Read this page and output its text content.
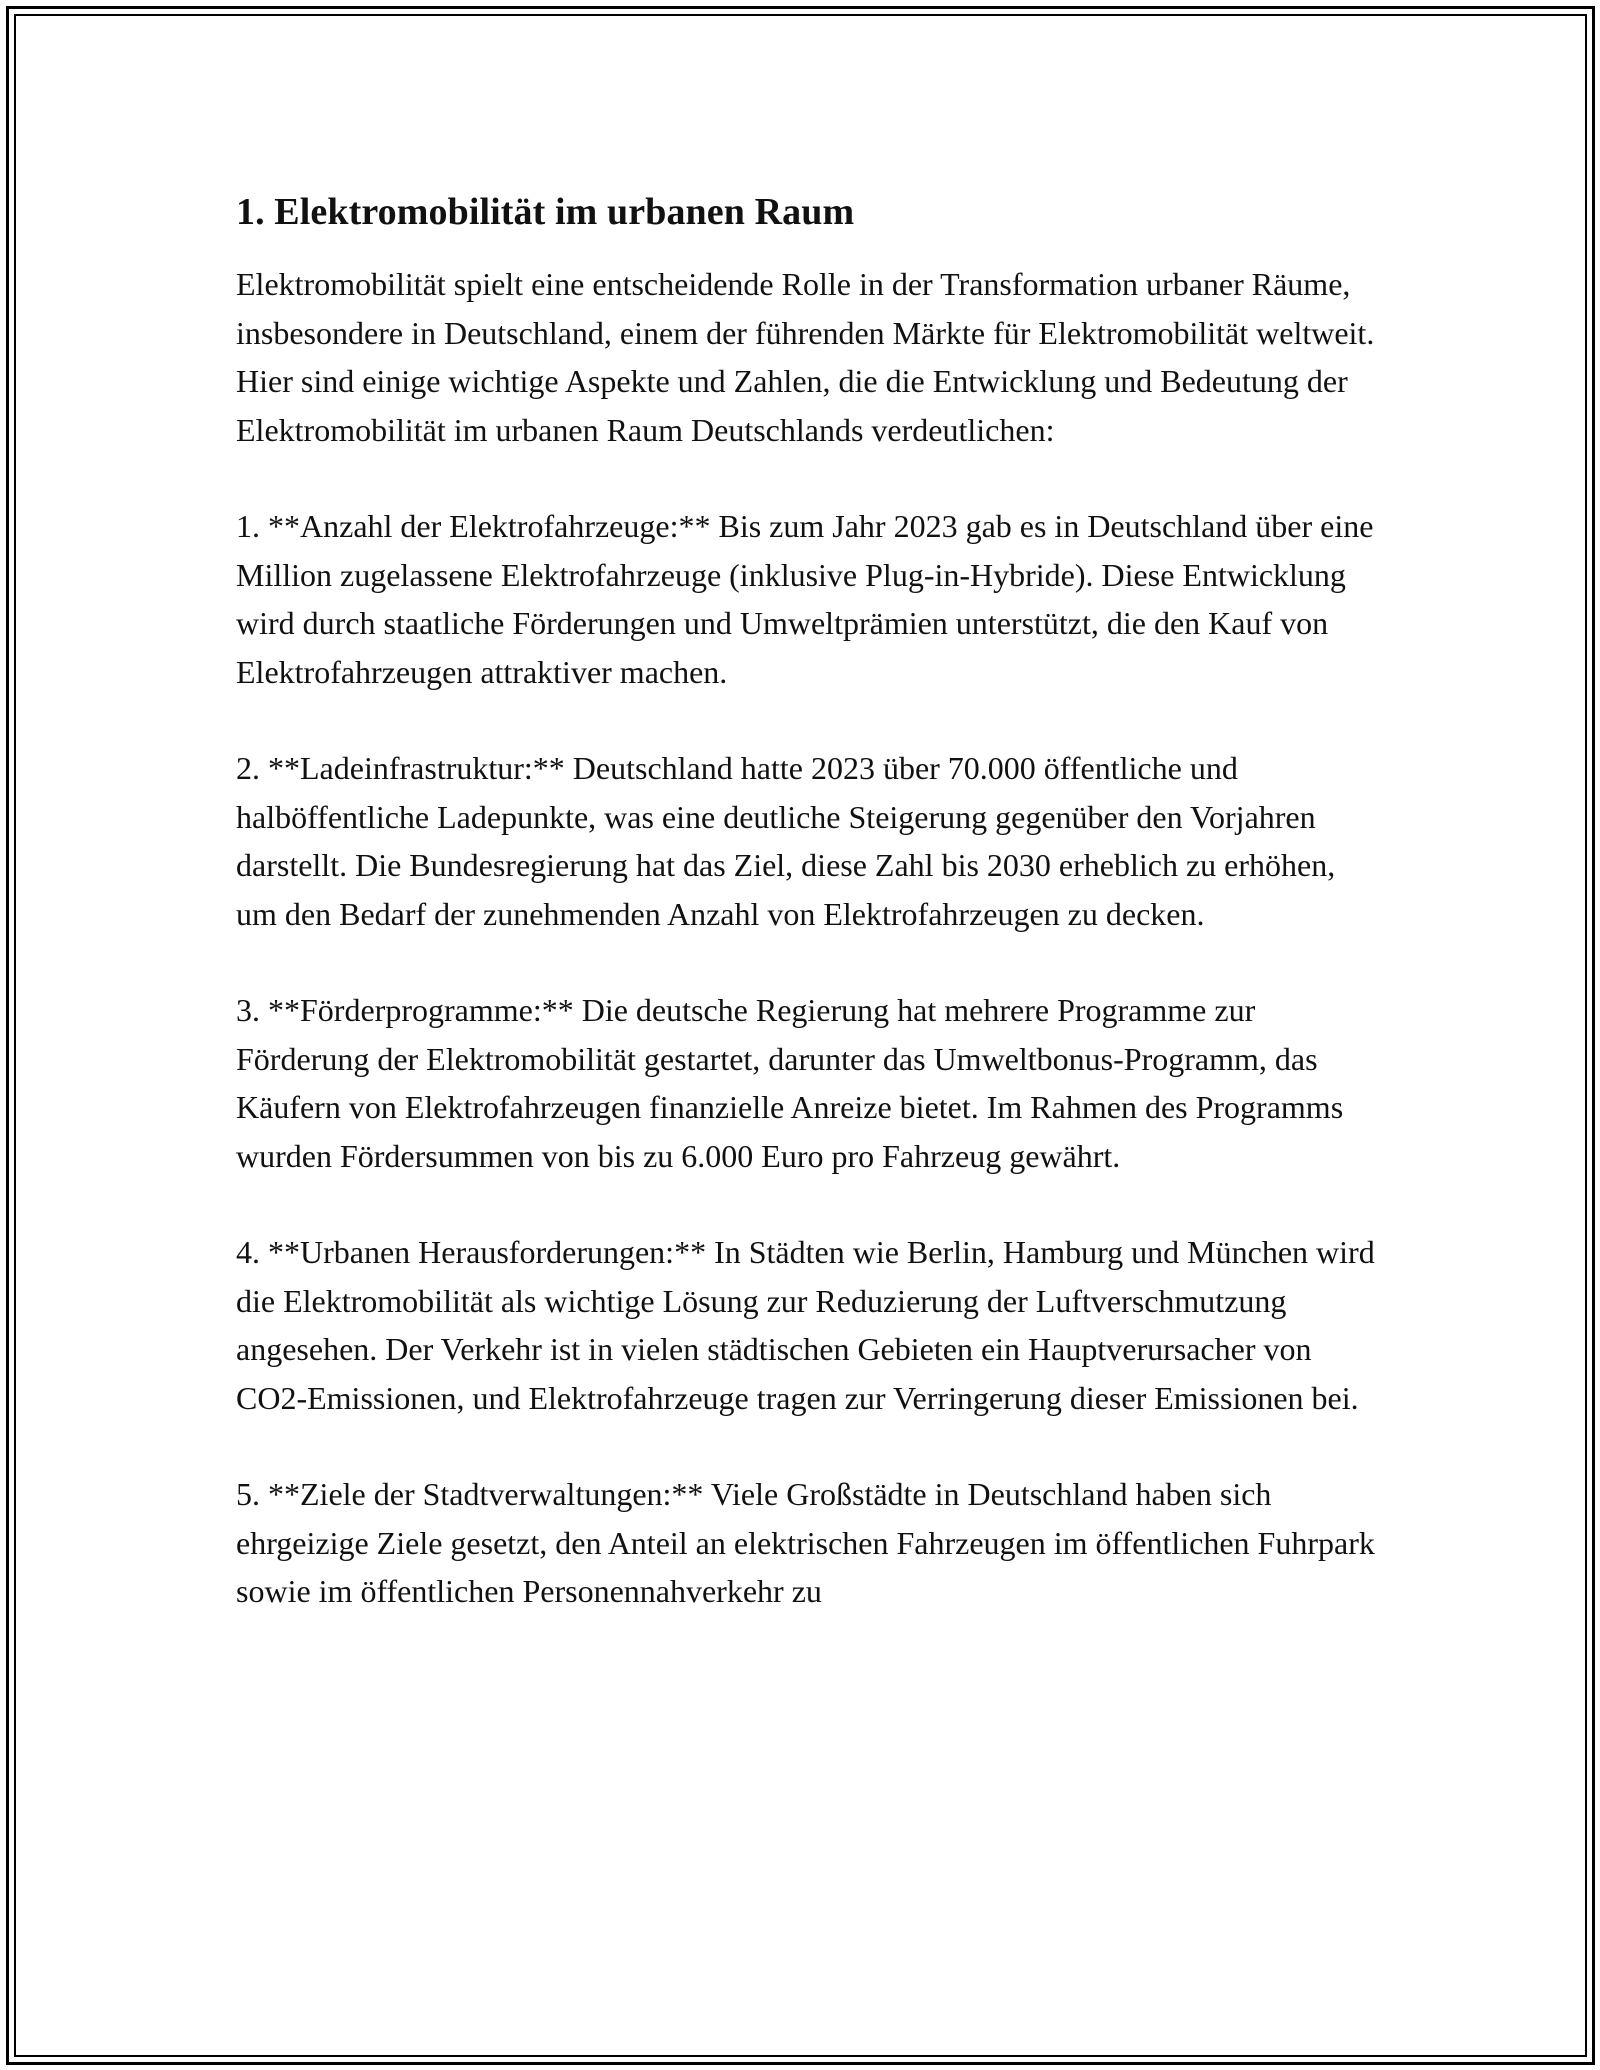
1. Elektromobilität im urbanen Raum

Elektromobilität spielt eine entscheidende Rolle in der Transformation urbaner Räume, insbesondere in Deutschland, einem der führenden Märkte für Elektromobilität weltweit. Hier sind einige wichtige Aspekte und Zahlen, die die Entwicklung und Bedeutung der Elektromobilität im urbanen Raum Deutschlands verdeutlichen:

1. **Anzahl der Elektrofahrzeuge:** Bis zum Jahr 2023 gab es in Deutschland über eine Million zugelassene Elektrofahrzeuge (inklusive Plug-in-Hybride). Diese Entwicklung wird durch staatliche Förderungen und Umweltprämien unterstützt, die den Kauf von Elektrofahrzeugen attraktiver machen.

2. **Ladeinfrastruktur:** Deutschland hatte 2023 über 70.000 öffentliche und halböffentliche Ladepunkte, was eine deutliche Steigerung gegenüber den Vorjahren darstellt. Die Bundesregierung hat das Ziel, diese Zahl bis 2030 erheblich zu erhöhen, um den Bedarf der zunehmenden Anzahl von Elektrofahrzeugen zu decken.

3. **Förderprogramme:** Die deutsche Regierung hat mehrere Programme zur Förderung der Elektromobilität gestartet, darunter das Umweltbonus-Programm, das Käufern von Elektrofahrzeugen finanzielle Anreize bietet. Im Rahmen des Programms wurden Fördersummen von bis zu 6.000 Euro pro Fahrzeug gewährt.

4. **Urbanen Herausforderungen:** In Städten wie Berlin, Hamburg und München wird die Elektromobilität als wichtige Lösung zur Reduzierung der Luftverschmutzung angesehen. Der Verkehr ist in vielen städtischen Gebieten ein Hauptverursacher von CO2-Emissionen, und Elektrofahrzeuge tragen zur Verringerung dieser Emissionen bei.

5. **Ziele der Stadtverwaltungen:** Viele Großstädte in Deutschland haben sich ehrgeizige Ziele gesetzt, den Anteil an elektrischen Fahrzeugen im öffentlichen Fuhrpark sowie im öffentlichen Personennahverkehr zu
